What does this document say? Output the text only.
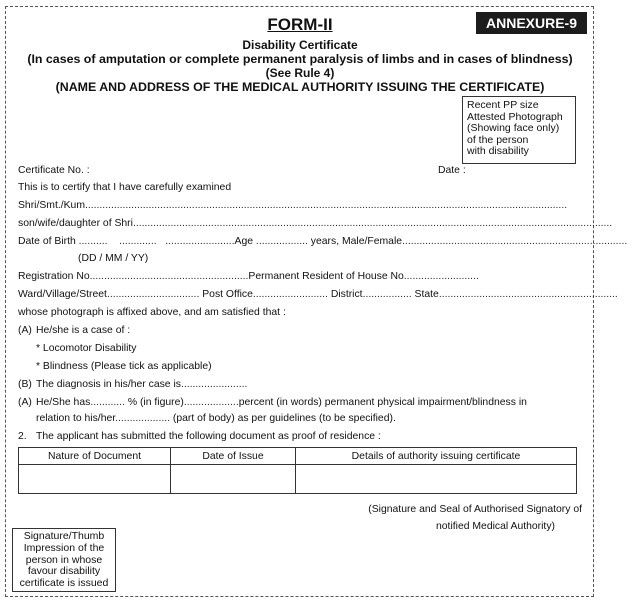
ANNEXURE-9
FORM-II
Disability Certificate
(In cases of amputation or complete permanent paralysis of limbs and in cases of blindness)
(See Rule 4)
(NAME AND ADDRESS OF THE MEDICAL AUTHORITY ISSUING THE CERTIFICATE)
Recent PP size
Attested Photograph
(Showing face only)
of the person
with disability
Certificate No. :	Date :
This is to certify that I have carefully examined
Shri/Smt./Kum.......................................................................................................................................................................
son/wife/daughter of Shri......................................................................................................................................................................
Date of Birth ..........    .............   ........................Age .................. years, Male/Female..............................................................................
(DD / MM / YY)
Registration No.......................................................Permanent Resident of House No..........................
Ward/Village/Street................................ Post Office.......................... District................. State..............................................................
whose photograph is affixed above, and am satisfied that :
(A) He/she is a case of :
* Locomotor Disability
* Blindness (Please tick as applicable)
(B) The diagnosis in his/her case is.......................
(A) He/She has............ % (in figure)...................percent (in words) permanent physical impairment/blindness in
relation to his/her................... (part of body) as per guidelines (to be specified).
2. The applicant has submitted the following document as proof of residence :
Nature of Document	Date of Issue	Details of authority issuing certificate

(Signature and Seal of Authorised Signatory of
notified Medical Authority)
Signature/Thumb
Impression of the
person in whose
favour disability
certificate is issued
